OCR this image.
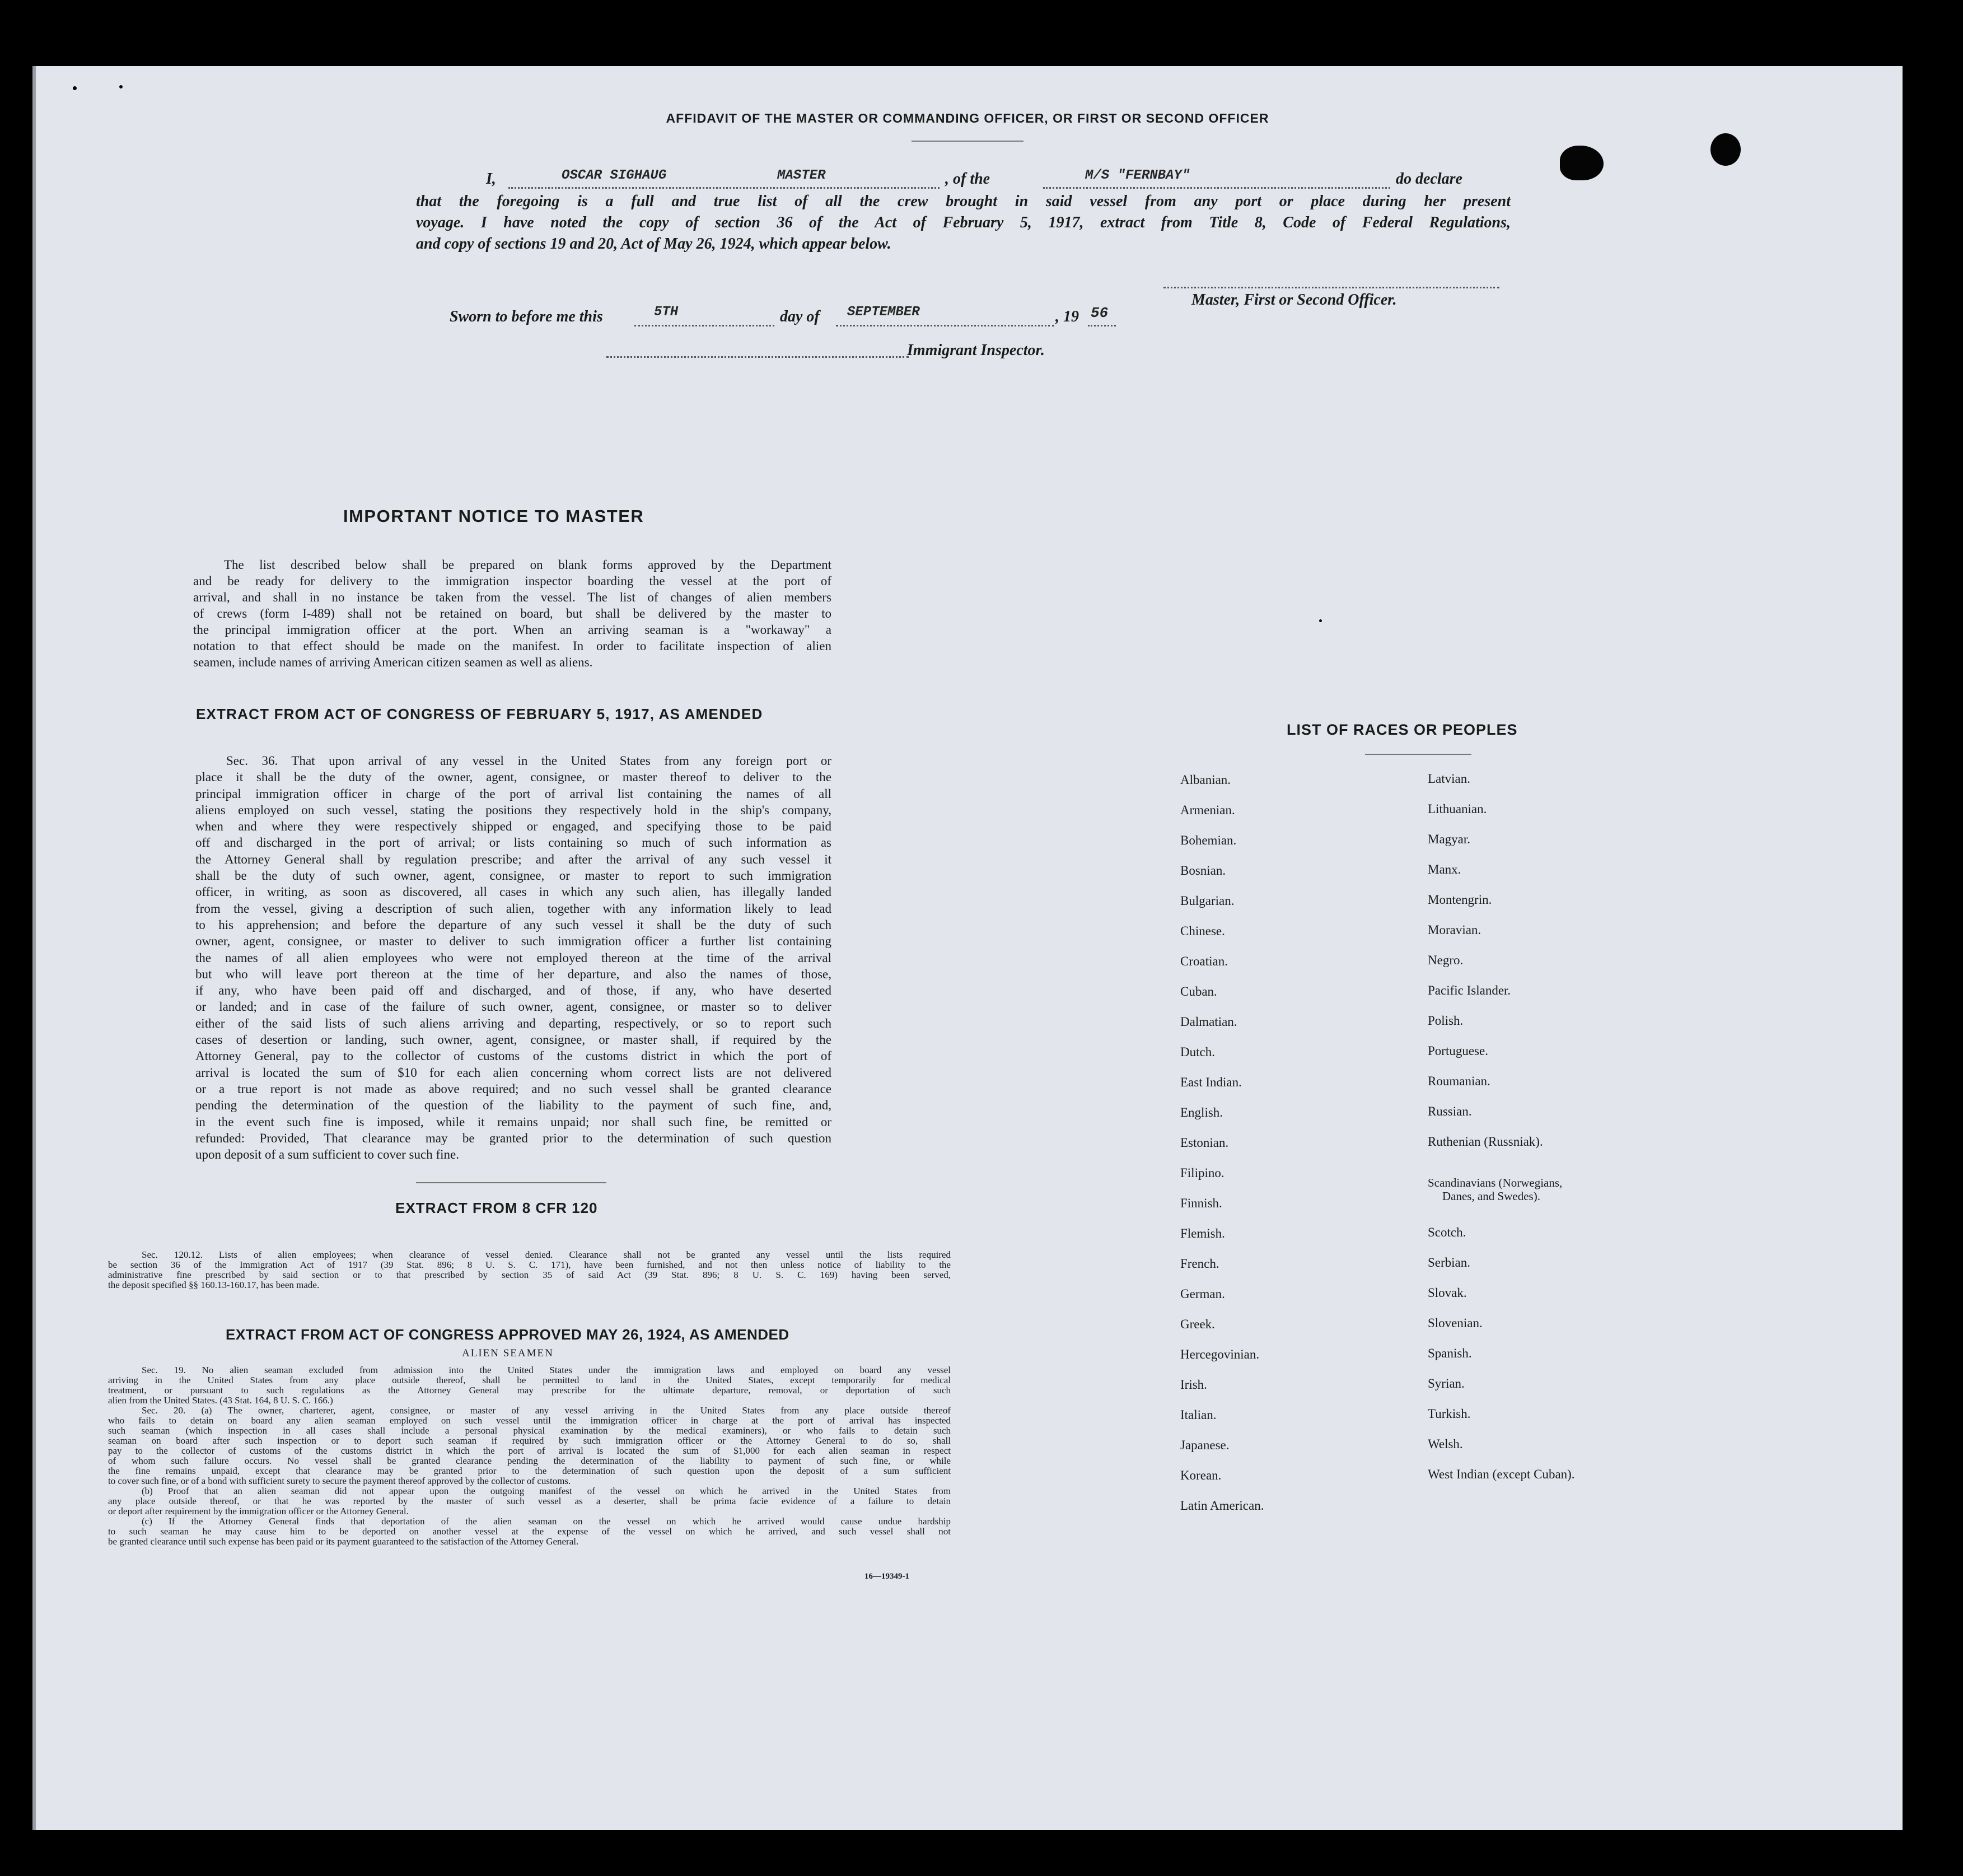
AFFIDAVIT OF THE MASTER OR COMMANDING OFFICER, OR FIRST OR SECOND OFFICER
I,	OSCAR SIGHAUG	MASTER	, of the	M/S "FERNBAY"	do declare
that the foregoing is a full and true list of all the crew brought in said vessel from any port or place during her present
voyage. I have noted the copy of section 36 of the Act of February 5, 1917, extract from Title 8, Code of Federal Regulations,
and copy of sections 19 and 20, Act of May 26, 1924, which appear below.
Master, First or Second Officer.
Sworn to before me this	5TH	day of SEPTEMBER	, 19 56
Immigrant Inspector.
IMPORTANT NOTICE TO MASTER

The list described below shall be prepared on blank forms approved by the Department

and be ready for delivery to the immigration inspector boarding the vessel at the port of

arrival, and shall in no instance be taken from the vessel. The list of changes of alien members

of crews (form I-489) shall not be retained on board, but shall be delivered by the master to

the principal immigration officer at the port. When an arriving seaman is a "workaway" a

notation to that effect should be made on the manifest. In order to facilitate inspection of alien

seamen, include names of arriving American citizen seamen as well as aliens.

EXTRACT FROM ACT OF CONGRESS OF FEBRUARY 5, 1917, AS AMENDED

Sec. 36. That upon arrival of any vessel in the United States from any foreign port or

place it shall be the duty of the owner, agent, consignee, or master thereof to deliver to the

principal immigration officer in charge of the port of arrival list containing the names of all

aliens employed on such vessel, stating the positions they respectively hold in the ship's company,

when and where they were respectively shipped or engaged, and specifying those to be paid

off and discharged in the port of arrival; or lists containing so much of such information as

the Attorney General shall by regulation prescribe; and after the arrival of any such vessel it

shall be the duty of such owner, agent, consignee, or master to report to such immigration

officer, in writing, as soon as discovered, all cases in which any such alien, has illegally landed

from the vessel, giving a description of such alien, together with any information likely to lead

to his apprehension; and before the departure of any such vessel it shall be the duty of such

owner, agent, consignee, or master to deliver to such immigration officer a further list containing

the names of all alien employees who were not employed thereon at the time of the arrival

but who will leave port thereon at the time of her departure, and also the names of those,

if any, who have been paid off and discharged, and of those, if any, who have deserted

or landed; and in case of the failure of such owner, agent, consignee, or master so to deliver

either of the said lists of such aliens arriving and departing, respectively, or so to report such

cases of desertion or landing, such owner, agent, consignee, or master shall, if required by the

Attorney General, pay to the collector of customs of the customs district in which the port of

arrival is located the sum of $10 for each alien concerning whom correct lists are not delivered

or a true report is not made as above required; and no such vessel shall be granted clearance

pending the determination of the question of the liability to the payment of such fine, and,

in the event such fine is imposed, while it remains unpaid; nor shall such fine, be remitted or

refunded: Provided, That clearance may be granted prior to the determination of such question

upon deposit of a sum sufficient to cover such fine.

EXTRACT FROM 8 CFR 120

Sec. 120.12. Lists of alien employees; when clearance of vessel denied. Clearance shall not be granted any vessel until the lists required

be section 36 of the Immigration Act of 1917 (39 Stat. 896; 8 U. S. C. 171), have been furnished, and not then unless notice of liability to the

administrative fine prescribed by said section or to that prescribed by section 35 of said Act (39 Stat. 896; 8 U. S. C. 169) having been served,

the deposit specified §§ 160.13-160.17, has been made.

EXTRACT FROM ACT OF CONGRESS APPROVED MAY 26, 1924, AS AMENDED
ALIEN SEAMEN

Sec. 19. No alien seaman excluded from admission into the United States under the immigration laws and employed on board any vessel

arriving in the United States from any place outside thereof, shall be permitted to land in the United States, except temporarily for medical

treatment, or pursuant to such regulations as the Attorney General may prescribe for the ultimate departure, removal, or deportation of such

alien from the United States. (43 Stat. 164, 8 U. S. C. 166.)

Sec. 20. (a) The owner, charterer, agent, consignee, or master of any vessel arriving in the United States from any place outside thereof

who fails to detain on board any alien seaman employed on such vessel until the immigration officer in charge at the port of arrival has inspected

such seaman (which inspection in all cases shall include a personal physical examination by the medical examiners), or who fails to detain such

seaman on board after such inspection or to deport such seaman if required by such immigration officer or the Attorney General to do so, shall

pay to the collector of customs of the customs district in which the port of arrival is located the sum of $1,000 for each alien seaman in respect

of whom such failure occurs. No vessel shall be granted clearance pending the determination of the liability to payment of such fine, or while

the fine remains unpaid, except that clearance may be granted prior to the determination of such question upon the deposit of a sum sufficient

to cover such fine, or of a bond with sufficient surety to secure the payment thereof approved by the collector of customs.

(b) Proof that an alien seaman did not appear upon the outgoing manifest of the vessel on which he arrived in the United States from

any place outside thereof, or that he was reported by the master of such vessel as a deserter, shall be prima facie evidence of a failure to detain

or deport after requirement by the immigration officer or the Attorney General.

(c) If the Attorney General finds that deportation of the alien seaman on the vessel on which he arrived would cause undue hardship

to such seaman he may cause him to be deported on another vessel at the expense of the vessel on which he arrived, and such vessel shall not

be granted clearance until such expense has been paid or its payment guaranteed to the satisfaction of the Attorney General.

16—19349-1
LIST OF RACES OR PEOPLES
Albanian.
Armenian.
Bohemian.
Bosnian.
Bulgarian.
Chinese.
Croatian.
Cuban.
Dalmatian.
Dutch.
East Indian.
English.
Estonian.
Filipino.
Finnish.
Flemish.
French.
German.
Greek.
Hercegovinian.
Irish.
Italian.
Japanese.
Korean.
Latin American.
Latvian.
Lithuanian.
Magyar.
Manx.
Montengrin.
Moravian.
Negro.
Pacific Islander.
Polish.
Portuguese.
Roumanian.
Russian.
Ruthenian (Russniak).
Scandinavians (Norwegians,
Danes, and Swedes).
Scotch.
Serbian.
Slovak.
Slovenian.
Spanish.
Syrian.
Turkish.
Welsh.
West Indian (except Cuban).
